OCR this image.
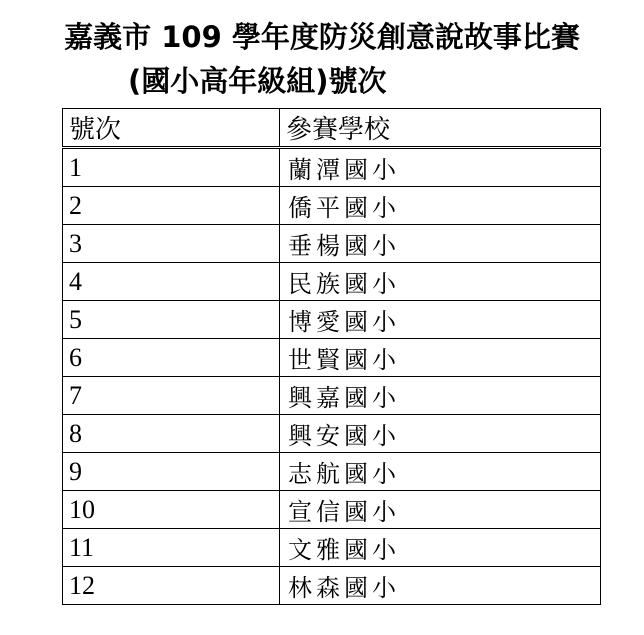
嘉義市 109 學年度防災創意說故事比賽
(國小高年級組)號次
號次	參賽學校
1	蘭潭國小
2	僑平國小
3	垂楊國小
4	民族國小
5	博愛國小
6	世賢國小
7	興嘉國小
8	興安國小
9	志航國小
10	宣信國小
11	文雅國小
12	林森國小
